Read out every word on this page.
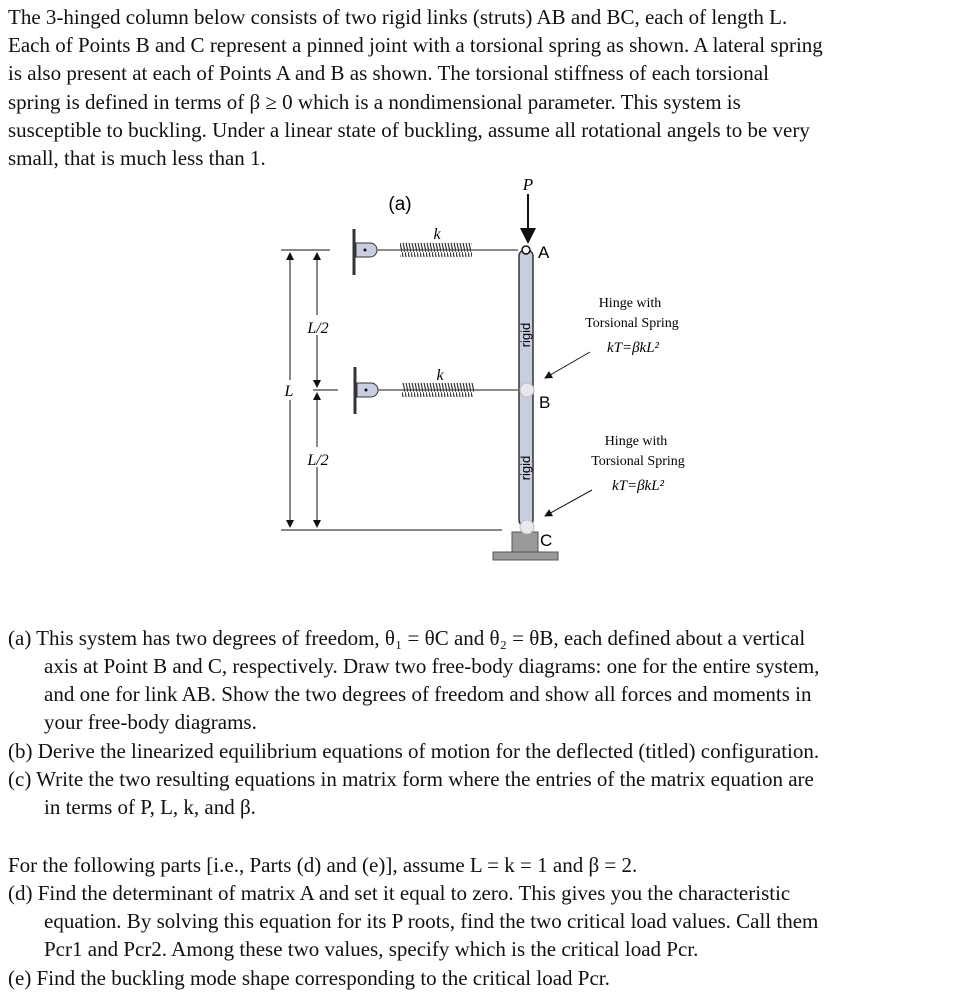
The 3-hinged column below consists of two rigid links (struts) AB and BC, each of length L.
Each of Points B and C represent a pinned joint with a torsional spring as shown. A lateral spring
is also present at each of Points A and B as shown. The torsional stiffness of each torsional
spring is defined in terms of β ≥ 0 which is a nondimensional parameter. This system is
susceptible to buckling. Under a linear state of buckling, assume all rotational angels to be very
small, that is much less than 1.
(a)
P
L
L/2
L/2
k
k
rigid
rigid
A
B
C
Hinge with
Torsional Spring
kT=βkL²
Hinge with
Torsional Spring
kT=βkL²
(a) This system has two degrees of freedom, θ₁ = θC and θ₂ = θB, each defined about a vertical
axis at Point B and C, respectively. Draw two free-body diagrams: one for the entire system,
and one for link AB. Show the two degrees of freedom and show all forces and moments in
your free-body diagrams.
(b) Derive the linearized equilibrium equations of motion for the deflected (titled) configuration.
(c) Write the two resulting equations in matrix form where the entries of the matrix equation are
in terms of P, L, k, and β.
For the following parts [i.e., Parts (d) and (e)], assume L = k = 1 and β = 2.
(d) Find the determinant of matrix A and set it equal to zero. This gives you the characteristic
equation. By solving this equation for its P roots, find the two critical load values. Call them
Pcr1 and Pcr2. Among these two values, specify which is the critical load Pcr.
(e) Find the buckling mode shape corresponding to the critical load Pcr.
